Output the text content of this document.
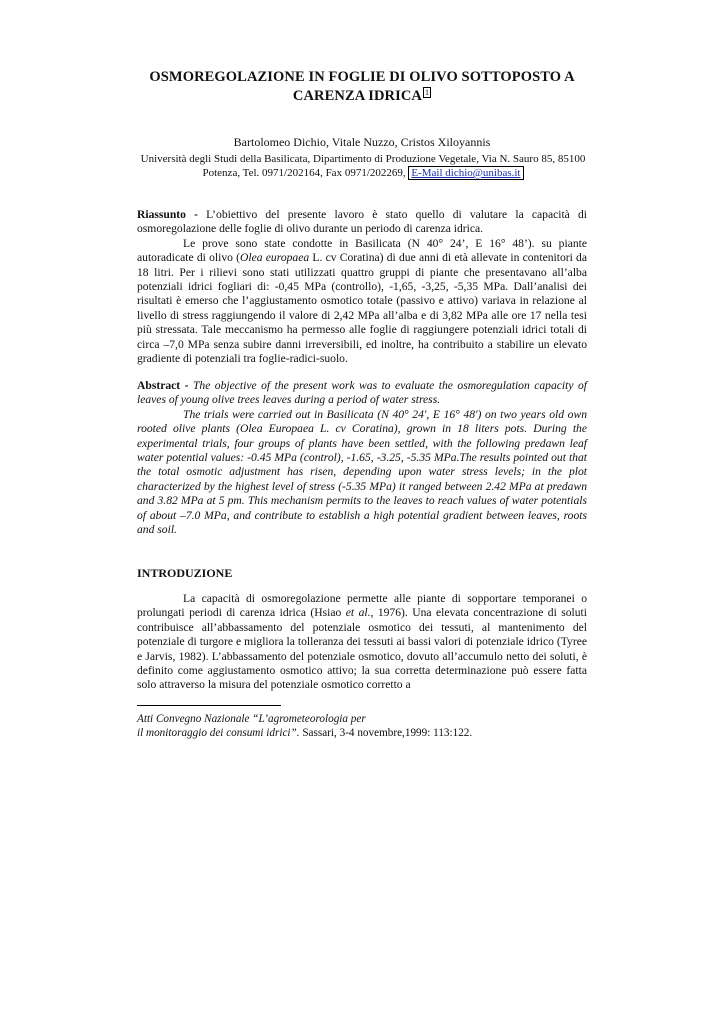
OSMOREGOLAZIONE IN FOGLIE DI OLIVO SOTTOPOSTO A CARENZA IDRICA 1
Bartolomeo Dichio, Vitale Nuzzo, Cristos Xiloyannis
Università degli Studi della Basilicata, Dipartimento di Produzione Vegetale, Via N. Sauro 85, 85100 Potenza, Tel. 0971/202164, Fax 0971/202269, E-Mail dichio@unibas.it

Riassunto - L’obiettivo del presente lavoro è stato quello di valutare la capacità di osmoregolazione delle foglie di olivo durante un periodo di carenza idrica.

Le prove sono state condotte in Basilicata (N 40° 24’, E 16° 48’). su piante autoradicate di olivo (Olea europaea L. cv Coratina) di due anni di età allevate in contenitori da 18 litri. Per i rilievi sono stati utilizzati quattro gruppi di piante che presentavano all’alba potenziali idrici fogliari di: -0,45 MPa (controllo), -1,65, -3,25, -5,35 MPa. Dall’analisi dei risultati è emerso che l’aggiustamento osmotico totale (passivo e attivo) variava in relazione al livello di stress raggiungendo il valore di 2,42 MPa all’alba e di 3,82 MPa alle ore 17 nella tesi più stressata. Tale meccanismo ha permesso alle foglie di raggiungere potenziali idrici totali di circa –7,0 MPa senza subire danni irreversibili, ed inoltre, ha contribuito a stabilire un elevato gradiente di potenziali tra foglie-radici-suolo.

Abstract - The objective of the present work was to evaluate the osmoregulation capacity of leaves of young olive trees leaves during a period of water stress.

The trials were carried out in Basilicata (N 40° 24', E 16° 48') on two years old own rooted olive plants (Olea Europaea L. cv Coratina), grown in 18 liters pots. During the experimental trials, four groups of plants have been settled, with the following predawn leaf water potential values: -0.45 MPa (control), -1.65, -3.25, -5.35 MPa.The results pointed out that the total osmotic adjustment has risen, depending upon water stress levels; in the plot characterized by the highest level of stress (-5.35 MPa) it ranged between 2.42 MPa at predawn and 3.82 MPa at 5 pm. This mechanism permits to the leaves to reach values of water potentials of about –7.0 MPa, and contribute to establish a high potential gradient between leaves, roots and soil.

INTRODUZIONE

La capacità di osmoregolazione permette alle piante di sopportare temporanei o prolungati periodi di carenza idrica (Hsiao et al., 1976). Una elevata concentrazione di soluti contribuisce all’abbassamento del potenziale osmotico dei tessuti, al mantenimento del potenziale di turgore e migliora la tolleranza dei tessuti ai bassi valori di potenziale idrico (Tyree e Jarvis, 1982). L’abbassamento del potenziale osmotico, dovuto all’accumulo netto dei soluti, è definito come aggiustamento osmotico attivo; la sua corretta determinazione può essere fatta solo attraverso la misura del potenziale osmotico corretto a

Atti Convegno Nazionale “L’agrometeorologia per
il monitoraggio dei consumi idrici”. Sassari, 3-4 novembre,1999: 113:122.
